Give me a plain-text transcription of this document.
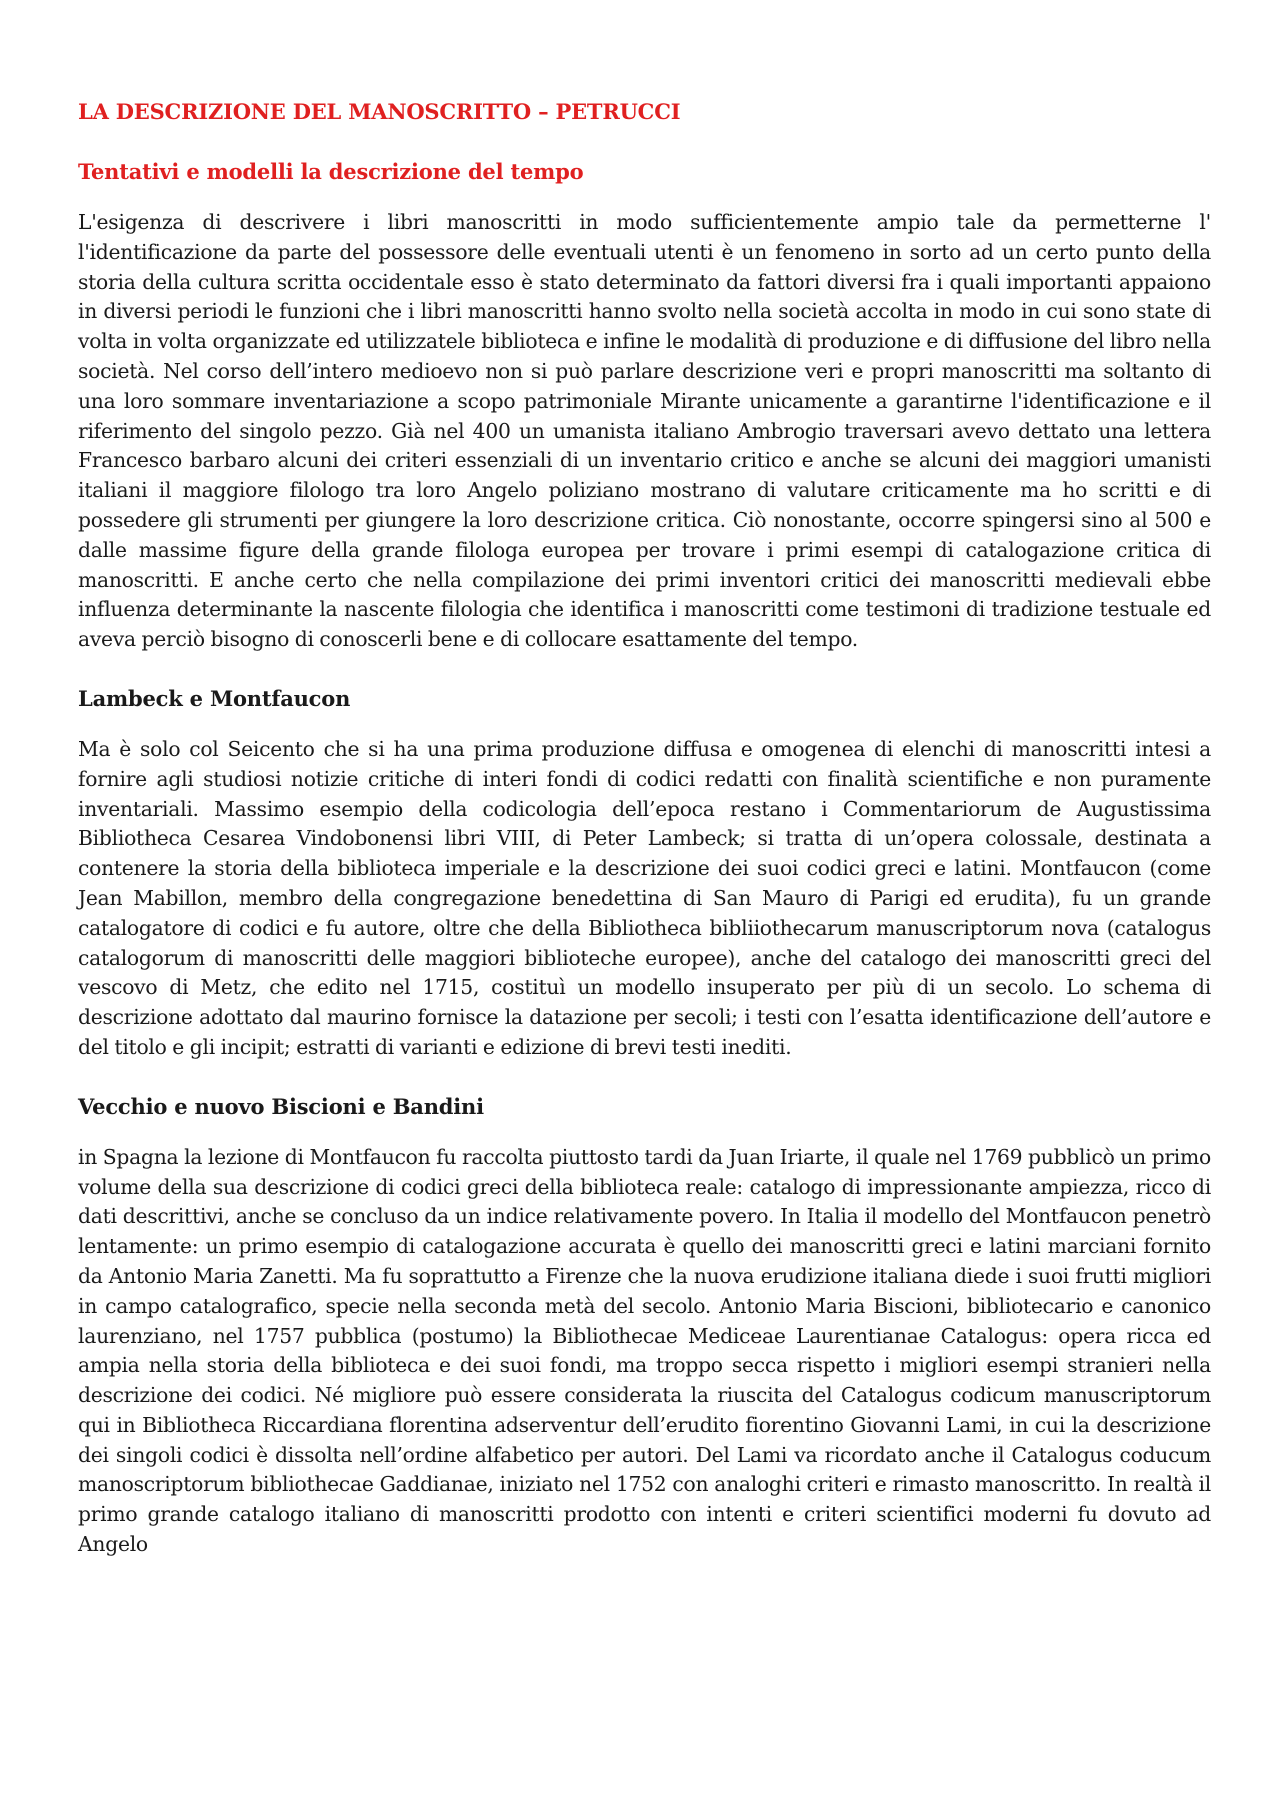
LA DESCRIZIONE DEL MANOSCRITTO – PETRUCCI
Tentativi e modelli la descrizione del tempo

L'esigenza di descrivere i libri manoscritti in modo sufficientemente ampio tale da permetterne l' l'identificazione da parte del possessore delle eventuali utenti è un fenomeno in sorto ad un certo punto della storia della cultura scritta occidentale esso è stato determinato da fattori diversi fra i quali importanti appaiono in diversi periodi le funzioni che i libri manoscritti hanno svolto nella società accolta in modo in cui sono state di volta in volta organizzate ed utilizzatele biblioteca e infine le modalità di produzione e di diffusione del libro nella società. Nel corso dell’intero medioevo non si può parlare descrizione veri e propri manoscritti ma soltanto di una loro sommare inventariazione a scopo patrimoniale Mirante unicamente a garantirne l'identificazione e il riferimento del singolo pezzo. Già nel 400 un umanista italiano Ambrogio traversari avevo dettato una lettera Francesco barbaro alcuni dei criteri essenziali di un inventario critico e anche se alcuni dei maggiori umanisti italiani il maggiore filologo tra loro Angelo poliziano mostrano di valutare criticamente ma ho scritti e di possedere gli strumenti per giungere la loro descrizione critica. Ciò nonostante, occorre spingersi sino al 500 e dalle massime figure della grande filologa europea per trovare i primi esempi di catalogazione critica di manoscritti. E anche certo che nella compilazione dei primi inventori critici dei manoscritti medievali ebbe influenza determinante la nascente filologia che identifica i manoscritti come testimoni di tradizione testuale ed aveva perciò bisogno di conoscerli bene e di collocare esattamente del tempo.

Lambeck e Montfaucon

Ma è solo col Seicento che si ha una prima produzione diffusa e omogenea di elenchi di manoscritti intesi a fornire agli studiosi notizie critiche di interi fondi di codici redatti con finalità scientifiche e non puramente inventariali. Massimo esempio della codicologia dell’epoca restano i Commentariorum de Augustissima Bibliotheca Cesarea Vindobonensi libri VIII, di Peter Lambeck; si tratta di un’opera colossale, destinata a contenere la storia della biblioteca imperiale e la descrizione dei suoi codici greci e latini. Montfaucon (come Jean Mabillon, membro della congregazione benedettina di San Mauro di Parigi ed erudita), fu un grande catalogatore di codici e fu autore, oltre che della Bibliotheca bibliiothecarum manuscriptorum nova (catalogus catalogorum di manoscritti delle maggiori biblioteche europee), anche del catalogo dei manoscritti greci del vescovo di Metz, che edito nel 1715, costituì un modello insuperato per più di un secolo. Lo schema di descrizione adottato dal maurino fornisce la datazione per secoli; i testi con l’esatta identificazione dell’autore e del titolo e gli incipit; estratti di varianti e edizione di brevi testi inediti.

Vecchio e nuovo Biscioni e Bandini

in Spagna la lezione di Montfaucon fu raccolta piuttosto tardi da Juan Iriarte, il quale nel 1769 pubblicò un primo volume della sua descrizione di codici greci della biblioteca reale: catalogo di impressionante ampiezza, ricco di dati descrittivi, anche se concluso da un indice relativamente povero. In Italia il modello del Montfaucon penetrò lentamente: un primo esempio di catalogazione accurata è quello dei manoscritti greci e latini marciani fornito da Antonio Maria Zanetti. Ma fu soprattutto a Firenze che la nuova erudizione italiana diede i suoi frutti migliori in campo catalografico, specie nella seconda metà del secolo. Antonio Maria Biscioni, bibliotecario e canonico laurenziano, nel 1757 pubblica (postumo) la Bibliothecae Mediceae Laurentianae Catalogus: opera ricca ed ampia nella storia della biblioteca e dei suoi fondi, ma troppo secca rispetto i migliori esempi stranieri nella descrizione dei codici. Né migliore può essere considerata la riuscita del Catalogus codicum manuscriptorum qui in Bibliotheca Riccardiana florentina adserventur dell’erudito fiorentino Giovanni Lami, in cui la descrizione dei singoli codici è dissolta nell’ordine alfabetico per autori. Del Lami va ricordato anche il Catalogus coducum manoscriptorum bibliothecae Gaddianae, iniziato nel 1752 con analoghi criteri e rimasto manoscritto. In realtà il primo grande catalogo italiano di manoscritti prodotto con intenti e criteri scientifici moderni fu dovuto ad Angelo
